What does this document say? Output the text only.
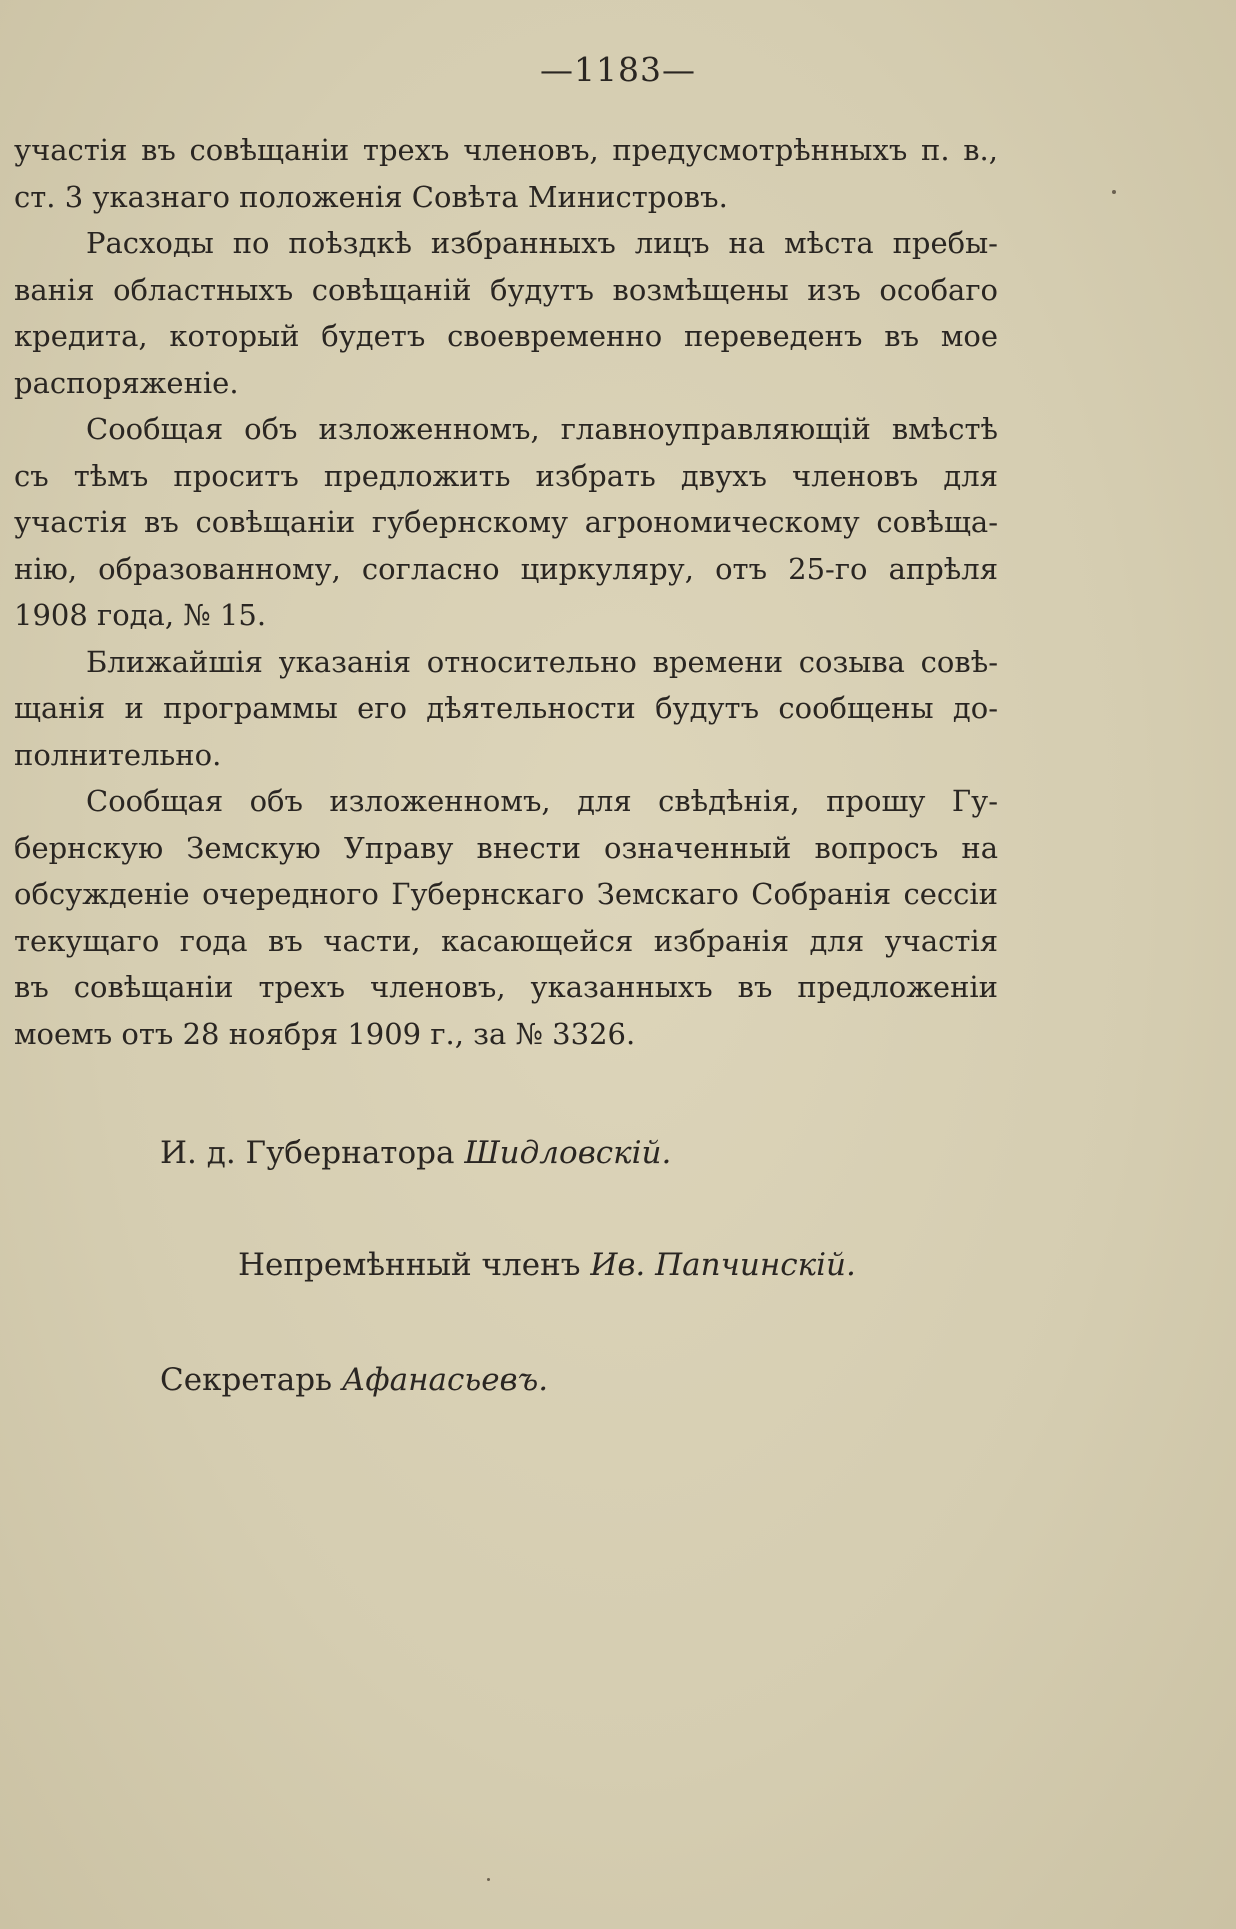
—1183—
участія въ совѣщаніи трехъ членовъ, предусмотрѣнныхъ п. в.,
ст. 3 указнаго положенія Совѣта Министровъ.
Расходы по поѣздкѣ избранныхъ лицъ на мѣста пребы-
ванія областныхъ совѣщаній будутъ возмѣщены изъ особаго
кредита, который будетъ своевременно переведенъ въ мое
распоряженіе.
Сообщая объ изложенномъ, главноуправляющій вмѣстѣ
съ тѣмъ проситъ предложить избрать двухъ членовъ для
участія въ совѣщаніи губернскому агрономическому совѣща-
нію, образованному, согласно циркуляру, отъ 25-го апрѣля
1908 года, № 15.
Ближайшія указанія относительно времени созыва совѣ-
щанія и программы его дѣятельности будутъ сообщены до-
полнительно.
Сообщая объ изложенномъ, для свѣдѣнія, прошу Гу-
бернскую Земскую Управу внести означенный вопросъ на
обсужденіе очередного Губернскаго Земскаго Собранія сессіи
текущаго года въ части, касающейся избранія для участія
въ совѣщаніи трехъ членовъ, указанныхъ въ предложеніи
моемъ отъ 28 ноября 1909 г., за № 3326.
И. д. Губернатора Шидловскій.
Непремѣнный членъ Ив. Папчинскій.
Секретарь Афанасьевъ.
